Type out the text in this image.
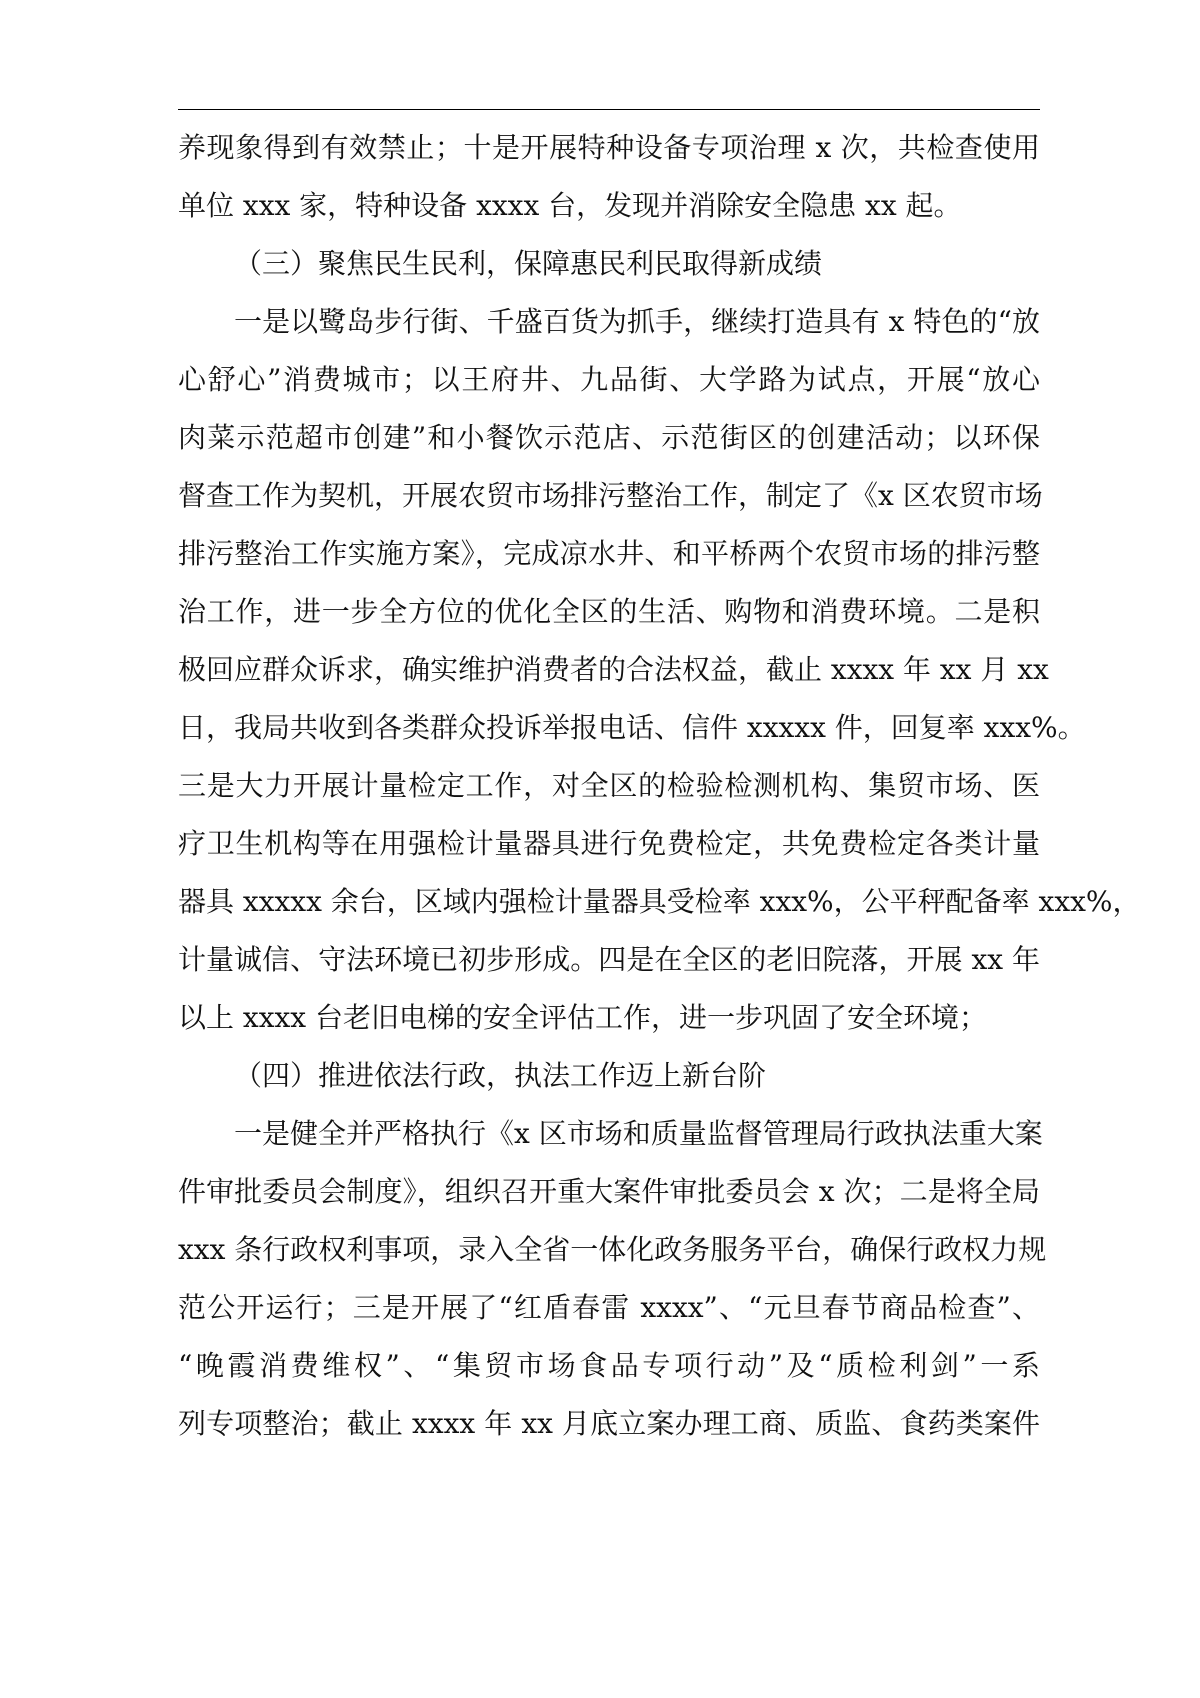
养现象得到有效禁止；十是开展特种设备专项治理 x 次，共检查使用

单位 xxx 家，特种设备 xxxx 台，发现并消除安全隐患 xx 起。

（三）聚焦民生民利，保障惠民利民取得新成绩

一是以鹭岛步行街、千盛百货为抓手，继续打造具有 x 特色的“放

心舒心”消费城市；以王府井、九品街、大学路为试点，开展“放心

肉菜示范超市创建”和小餐饮示范店、示范街区的创建活动；以环保

督查工作为契机，开展农贸市场排污整治工作，制定了《x 区农贸市场

排污整治工作实施方案》，完成凉水井、和平桥两个农贸市场的排污整

治工作，进一步全方位的优化全区的生活、购物和消费环境。二是积

极回应群众诉求，确实维护消费者的合法权益，截止 xxxx 年 xx 月 xx

日，我局共收到各类群众投诉举报电话、信件 xxxxx 件，回复率 xxx%。

三是大力开展计量检定工作，对全区的检验检测机构、集贸市场、医

疗卫生机构等在用强检计量器具进行免费检定，共免费检定各类计量

器具 xxxxx 余台，区域内强检计量器具受检率 xxx%，公平秤配备率 xxx%，

计量诚信、守法环境已初步形成。四是在全区的老旧院落，开展 xx 年

以上 xxxx 台老旧电梯的安全评估工作，进一步巩固了安全环境；

（四）推进依法行政，执法工作迈上新台阶

一是健全并严格执行《x 区市场和质量监督管理局行政执法重大案

件审批委员会制度》，组织召开重大案件审批委员会 x 次；二是将全局

xxx 条行政权利事项，录入全省一体化政务服务平台，确保行政权力规

范公开运行；三是开展了“红盾春雷 xxxx”、“元旦春节商品检查”、

“晚霞消费维权”、“集贸市场食品专项行动”及“质检利剑”一系

列专项整治；截止 xxxx 年 xx 月底立案办理工商、质监、食药类案件
